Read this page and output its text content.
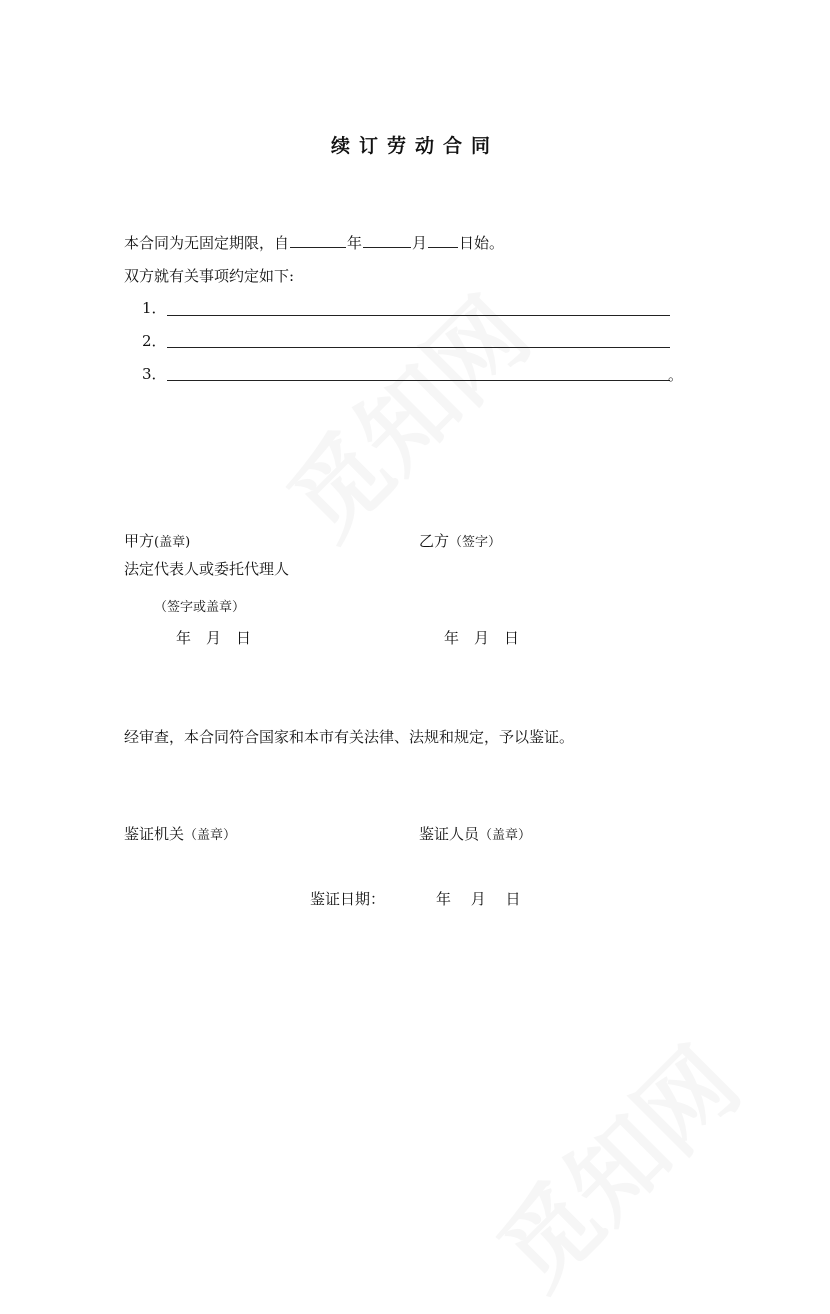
续订劳动合同
本合同为无固定期限，自	年	月 日始。
双方就有关事项约定如下:
1．
2．
3．	。
甲方(盖章)	乙方（签字）
法定代表人或委托代理人
（签字或盖章）
年　月　日	年　月　日
经审查，本合同符合国家和本市有关法律、法规和规定，予以鉴证。
鉴证机关（盖章）	鉴证人员（盖章）
鉴证日期：	年　 月　 日
